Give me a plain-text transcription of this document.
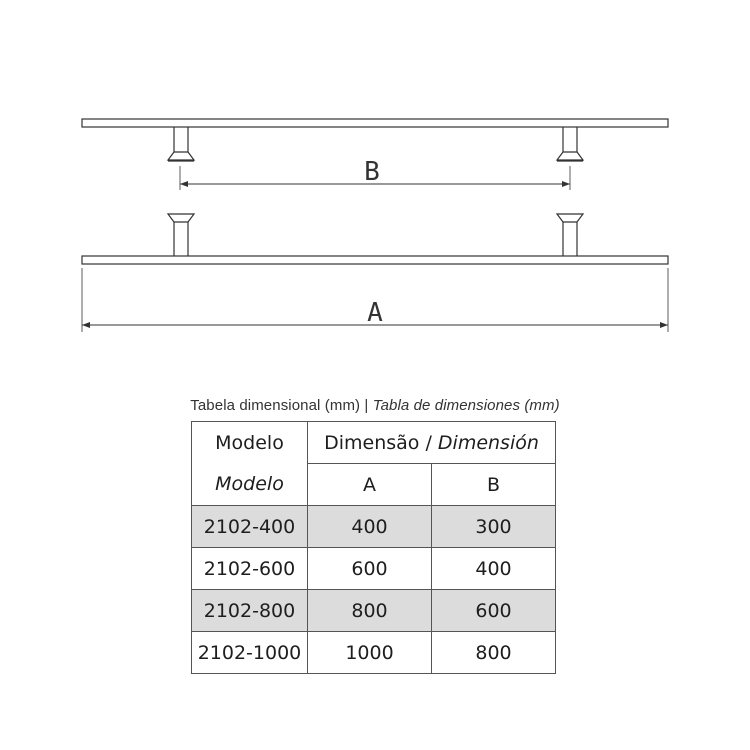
B
A
Tabela dimensional (mm) | Tabla de dimensiones (mm)
Modelo	Dimensão / Dimensión	
Modelo	A	B
2102-400	400	300
2102-600	600	400
2102-800	800	600
2102-1000	1000	800
